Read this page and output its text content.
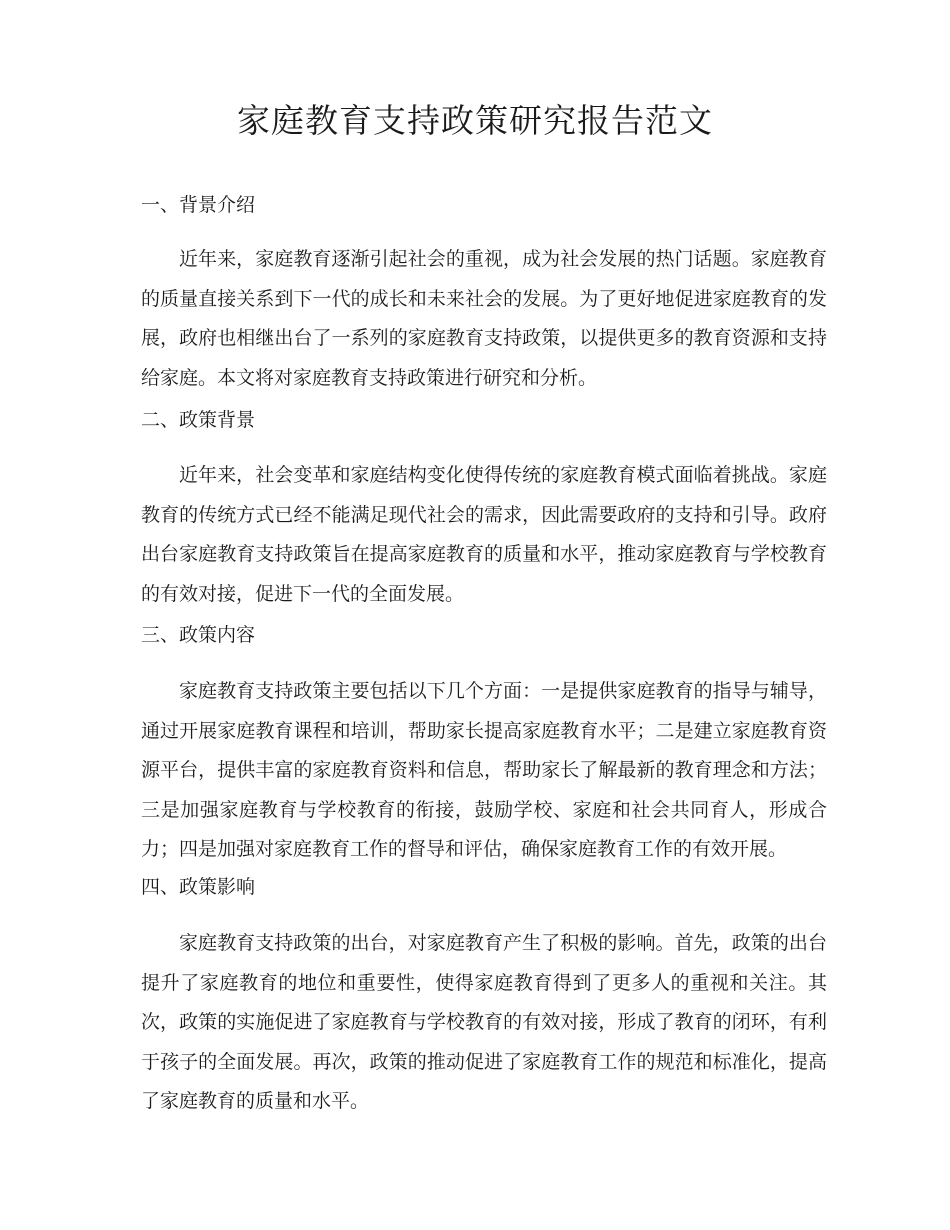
家庭教育支持政策研究报告范文
一、背景介绍

近年来，家庭教育逐渐引起社会的重视，成为社会发展的热门话题。家庭教育的质量直接关系到下一代的成长和未来社会的发展。为了更好地促进家庭教育的发展，政府也相继出台了一系列的家庭教育支持政策，以提供更多的教育资源和支持给家庭。本文将对家庭教育支持政策进行研究和分析。

二、政策背景

近年来，社会变革和家庭结构变化使得传统的家庭教育模式面临着挑战。家庭教育的传统方式已经不能满足现代社会的需求，因此需要政府的支持和引导。政府出台家庭教育支持政策旨在提高家庭教育的质量和水平，推动家庭教育与学校教育的有效对接，促进下一代的全面发展。

三、政策内容

家庭教育支持政策主要包括以下几个方面：一是提供家庭教育的指导与辅导，通过开展家庭教育课程和培训，帮助家长提高家庭教育水平；二是建立家庭教育资源平台，提供丰富的家庭教育资料和信息，帮助家长了解最新的教育理念和方法；三是加强家庭教育与学校教育的衔接，鼓励学校、家庭和社会共同育人，形成合力；四是加强对家庭教育工作的督导和评估，确保家庭教育工作的有效开展。

四、政策影响

家庭教育支持政策的出台，对家庭教育产生了积极的影响。首先，政策的出台提升了家庭教育的地位和重要性，使得家庭教育得到了更多人的重视和关注。其次，政策的实施促进了家庭教育与学校教育的有效对接，形成了教育的闭环，有利于孩子的全面发展。再次，政策的推动促进了家庭教育工作的规范和标准化，提高了家庭教育的质量和水平。
